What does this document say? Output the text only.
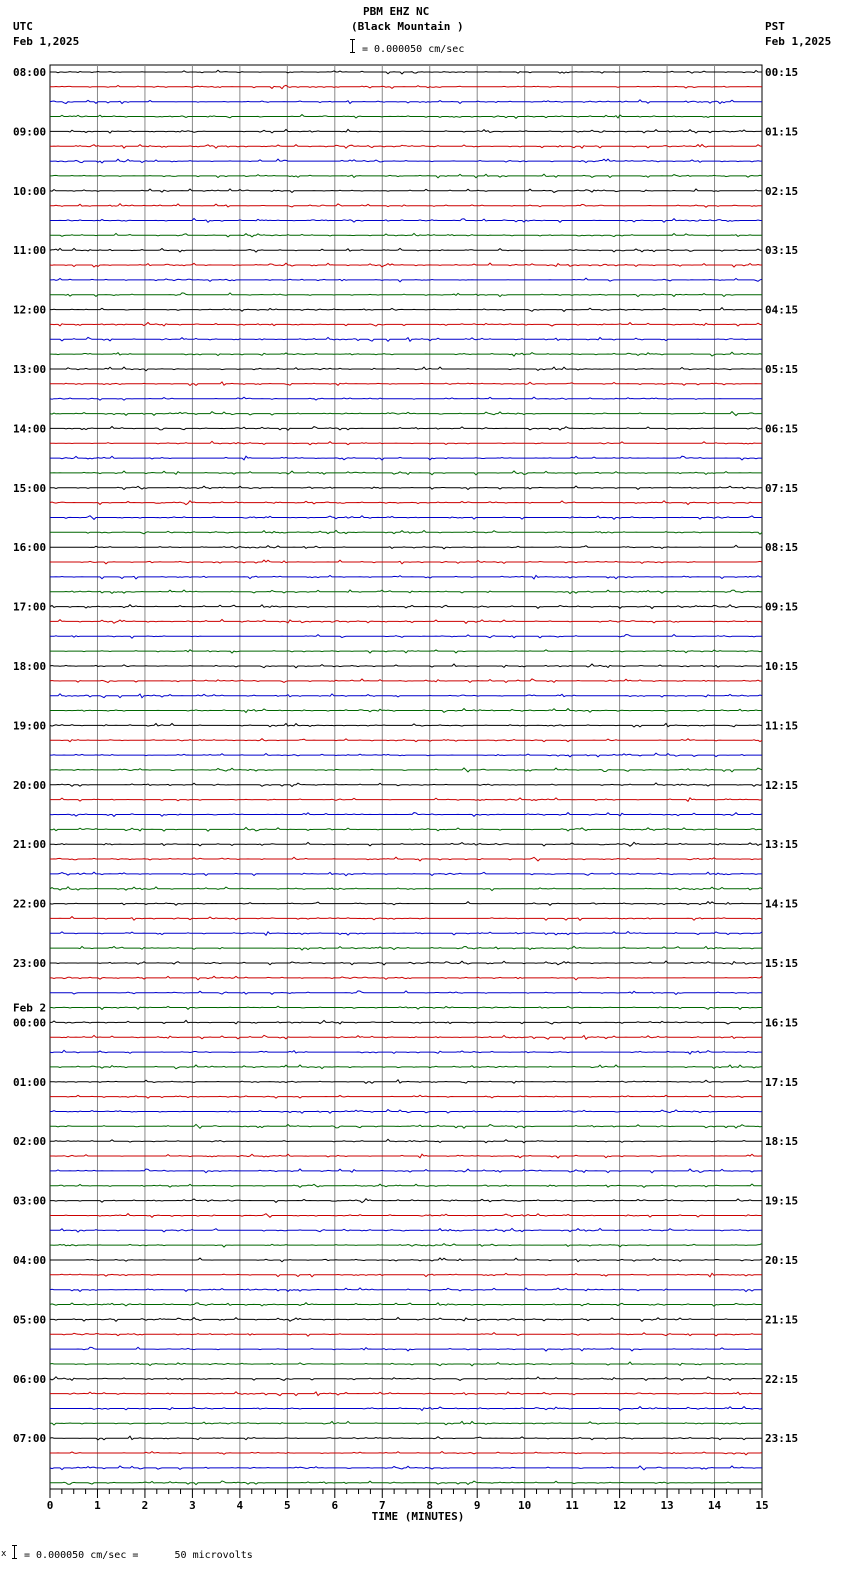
PBM EHZ NC
(Black Mountain )
UTC
Feb 1,2025
PST
Feb 1,2025
= 0.000050 cm/sec
0	1	2	3	4	5	6	7	8	9	10	11	12	13	14	15
TIME (MINUTES)
08:00	00:15
09:00	01:15
10:00	02:15
11:00	03:15
12:00	04:15
13:00	05:15
14:00	06:15
15:00	07:15
16:00	08:15
17:00	09:15
18:00	10:15
19:00	11:15
20:00	12:15
21:00	13:15
22:00	14:15
23:00	15:15
00:00	16:15
Feb 2
01:00	17:15
02:00	18:15
03:00	19:15
04:00	20:15
05:00	21:15
06:00	22:15
07:00	23:15
x = 0.000050 cm/sec =      50 microvolts
